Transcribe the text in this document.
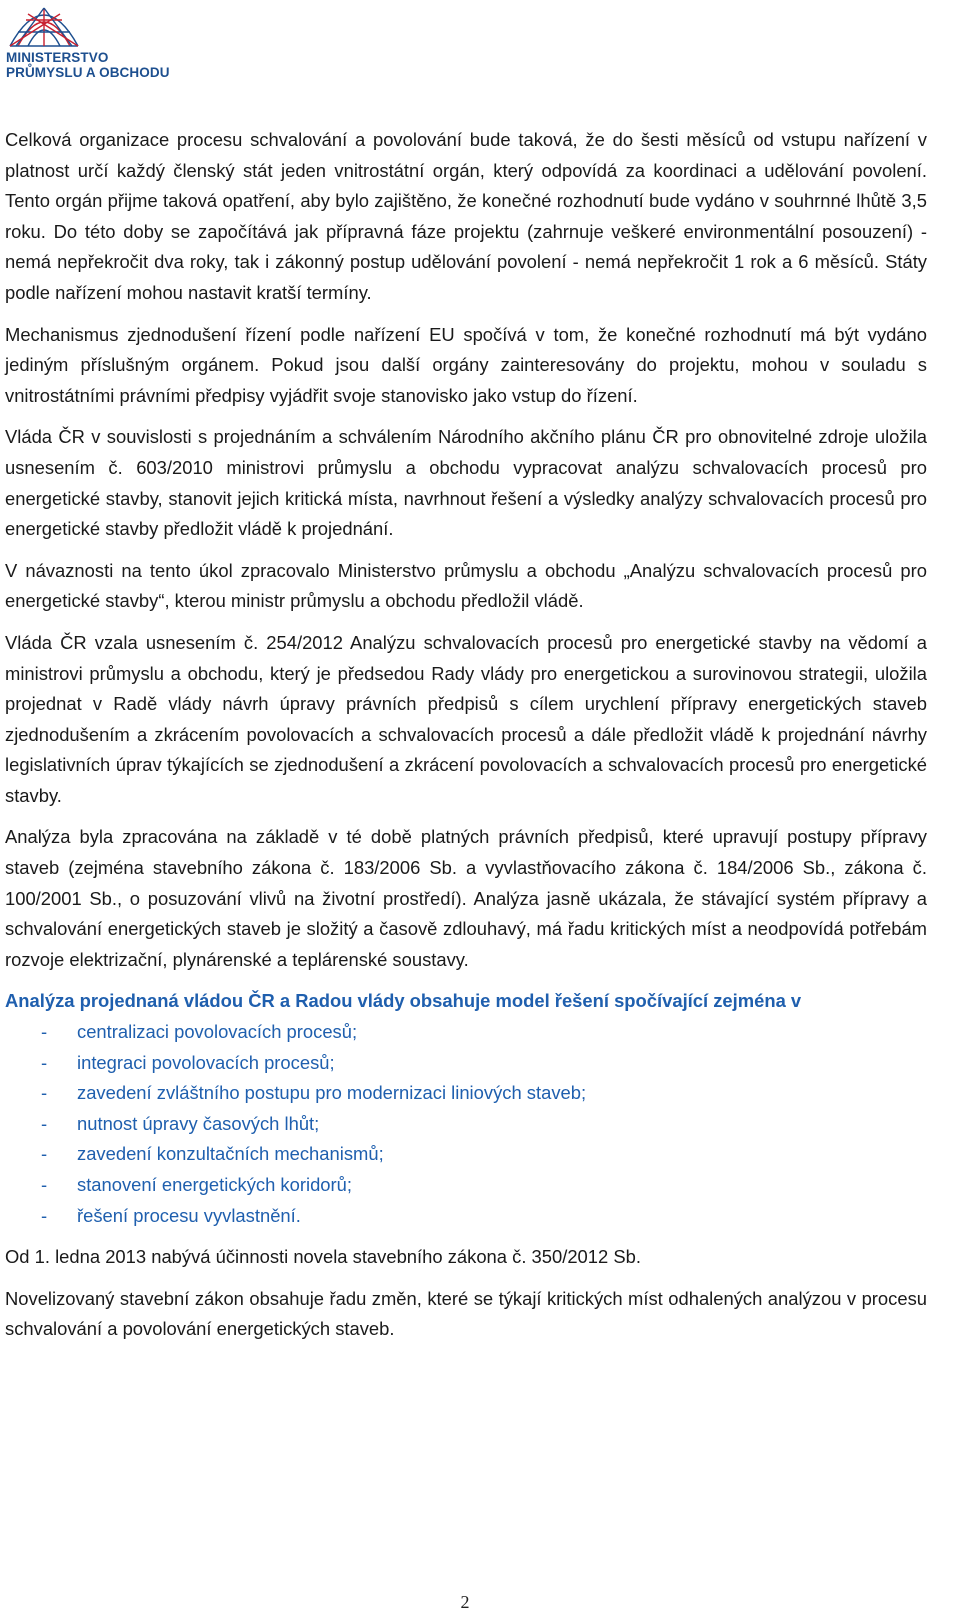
MINISTERSTVO
PRŮMYSLU A OBCHODU

Celková organizace procesu schvalování a povolování bude taková, že do šesti měsíců od vstupu nařízení v platnost určí každý členský stát jeden vnitrostátní orgán, který odpovídá za koordinaci a udělování povolení. Tento orgán přijme taková opatření, aby bylo zajištěno, že konečné rozhodnutí bude vydáno v souhrnné lhůtě 3,5 roku. Do této doby se započítává jak přípravná fáze projektu (zahrnuje veškeré environmentální posouzení) - nemá nepřekročit dva roky, tak i zákonný postup udělování povolení - nemá nepřekročit 1 rok a 6 měsíců. Státy podle nařízení mohou nastavit kratší termíny.

Mechanismus zjednodušení řízení podle nařízení EU spočívá v tom, že konečné rozhodnutí má být vydáno jediným příslušným orgánem. Pokud jsou další orgány zainteresovány do projektu, mohou v souladu s vnitrostátními právními předpisy vyjádřit svoje stanovisko jako vstup do řízení.

Vláda ČR v souvislosti s projednáním a schválením Národního akčního plánu ČR pro obnovitelné zdroje uložila usnesením č. 603/2010 ministrovi průmyslu a obchodu vypracovat analýzu schvalovacích procesů pro energetické stavby, stanovit jejich kritická místa, navrhnout řešení a výsledky analýzy schvalovacích procesů pro energetické stavby předložit vládě k projednání.

V návaznosti na tento úkol zpracovalo Ministerstvo průmyslu a obchodu „Analýzu schvalovacích procesů pro energetické stavby“, kterou ministr průmyslu a obchodu předložil vládě.

Vláda ČR vzala usnesením č. 254/2012 Analýzu schvalovacích procesů pro energetické stavby na vědomí a ministrovi průmyslu a obchodu, který je předsedou Rady vlády pro energetickou a surovinovou strategii, uložila projednat v Radě vlády návrh úpravy právních předpisů s cílem urychlení přípravy energetických staveb zjednodušením a zkrácením povolovacích a schvalovacích procesů a dále předložit vládě k projednání návrhy legislativních úprav týkajících se zjednodušení a zkrácení povolovacích a schvalovacích procesů pro energetické stavby.

Analýza byla zpracována na základě v té době platných právních předpisů, které upravují postupy přípravy staveb (zejména stavebního zákona č. 183/2006 Sb. a vyvlastňovacího zákona č. 184/2006 Sb., zákona č. 100/2001 Sb., o posuzování vlivů na životní prostředí). Analýza jasně ukázala, že stávající systém přípravy a schvalování energetických staveb je složitý a časově zdlouhavý, má řadu kritických míst a neodpovídá potřebám rozvoje elektrizační, plynárenské a teplárenské soustavy.

Analýza projednaná vládou ČR a Radou vlády obsahuje model řešení spočívající zejména v

- centralizaci povolovacích procesů;
- integraci povolovacích procesů;
- zavedení zvláštního postupu pro modernizaci liniových staveb;
- nutnost úpravy časových lhůt;
- zavedení konzultačních mechanismů;
- stanovení energetických koridorů;
- řešení procesu vyvlastnění.

Od 1. ledna 2013 nabývá účinnosti novela stavebního zákona č. 350/2012 Sb.

Novelizovaný stavební zákon obsahuje řadu změn, které se týkají kritických míst odhalených analýzou v procesu schvalování a povolování energetických staveb.

2
